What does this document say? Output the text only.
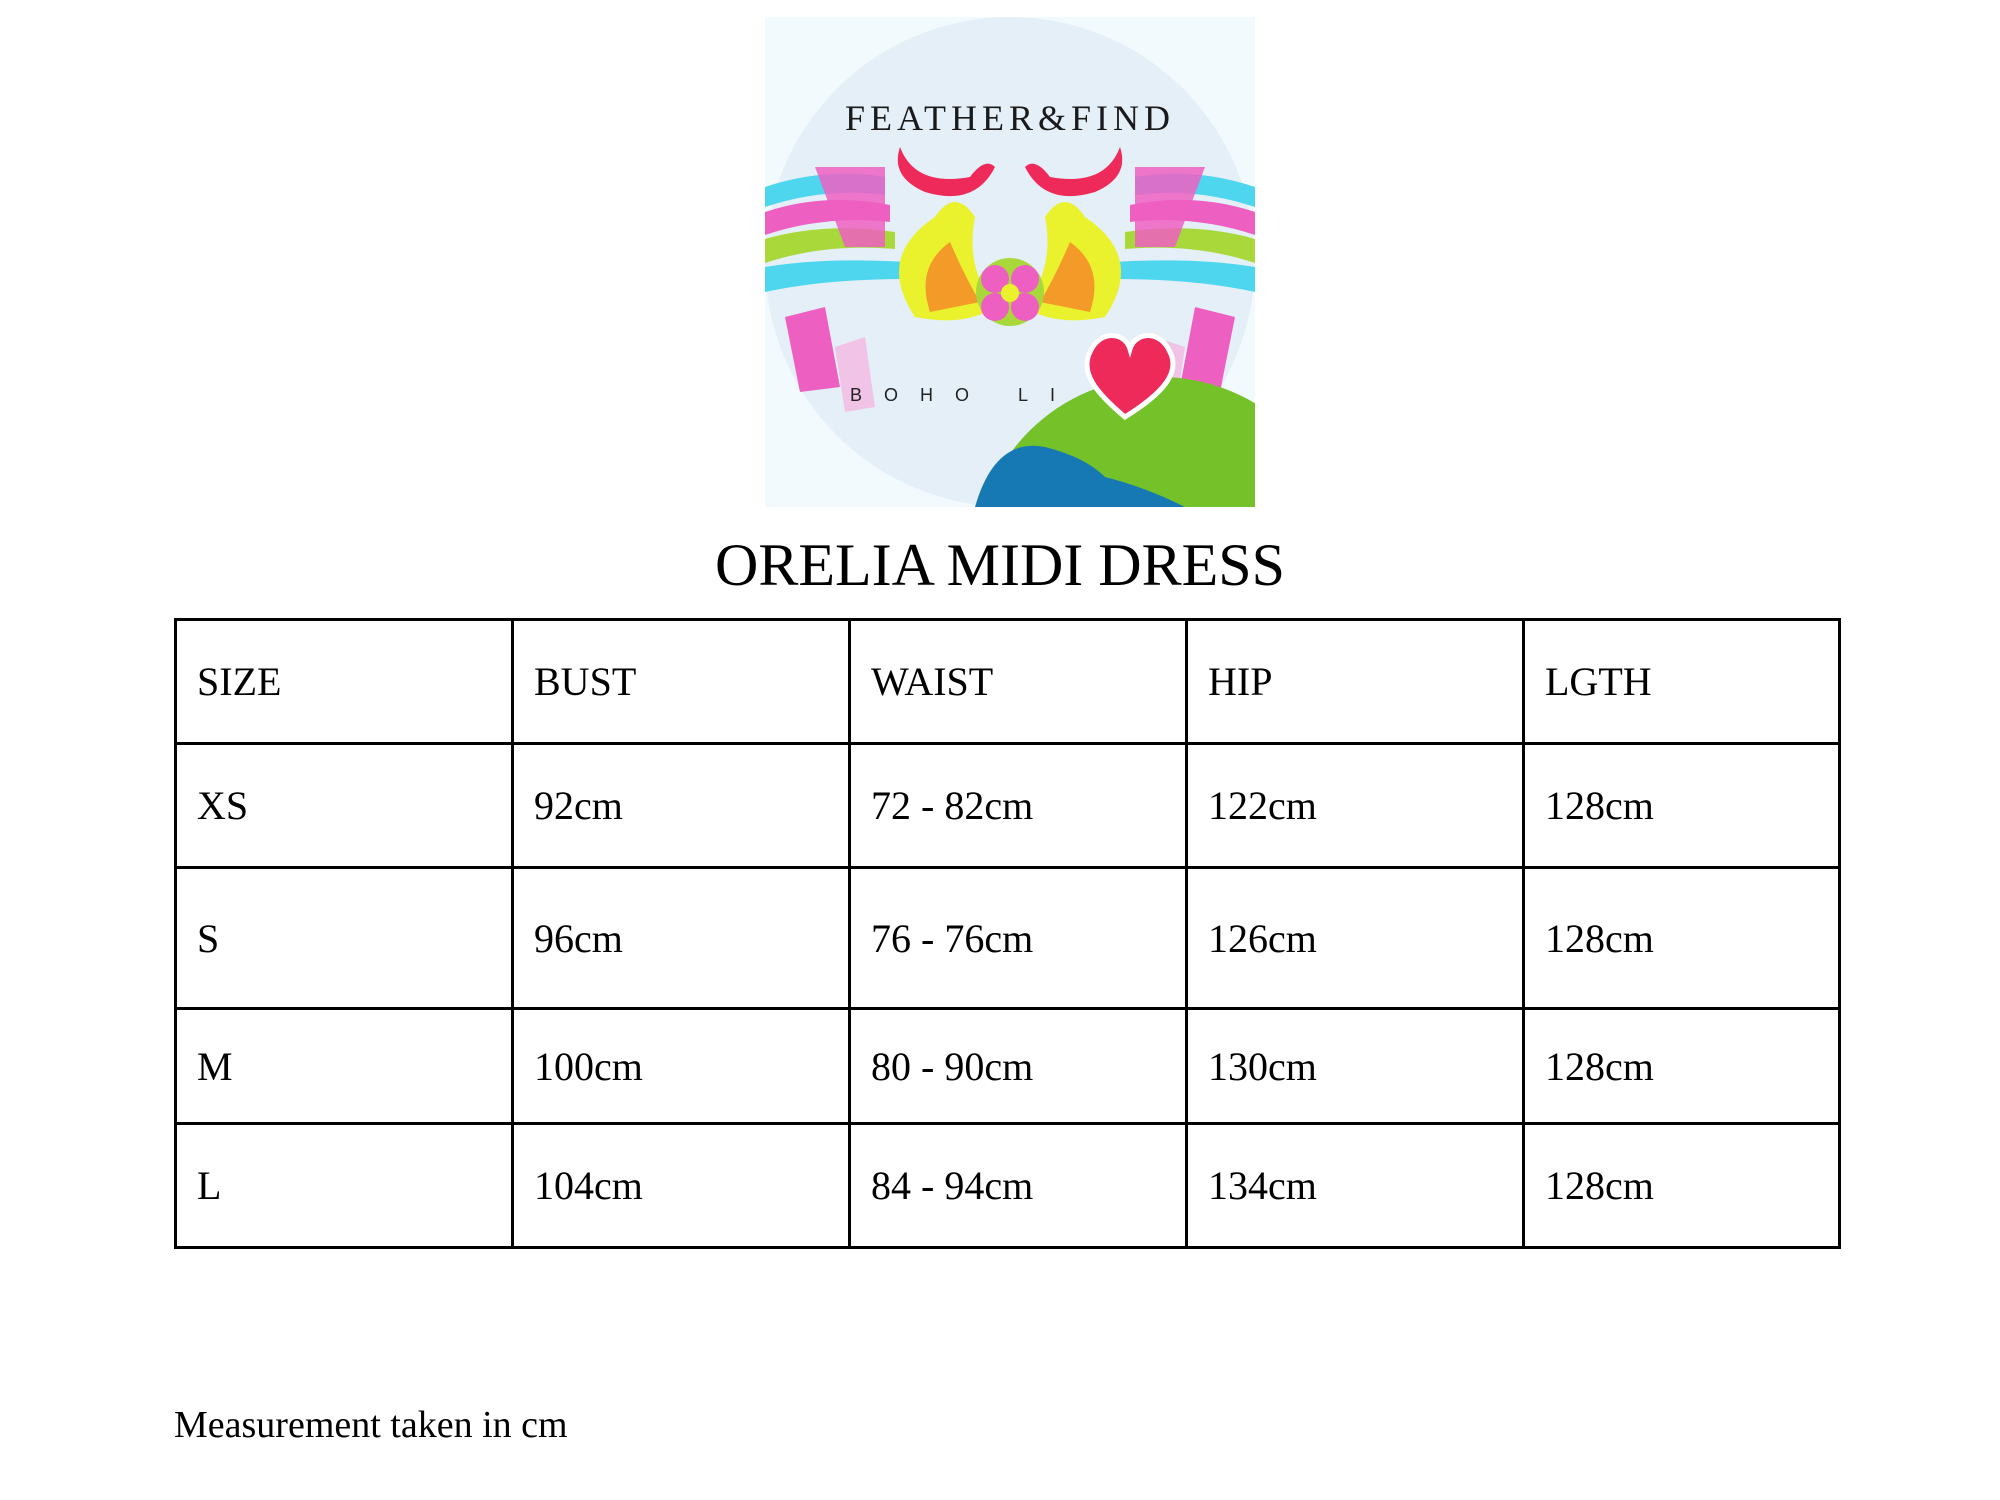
FEATHER&FIND
BOHO LI
ORELIA MIDI DRESS
SIZE	BUST	WAIST	HIP	LGTH
XS	92cm	72 - 82cm	122cm	128cm
S	96cm	76 - 76cm	126cm	128cm
M	100cm	80 - 90cm	130cm	128cm
L	104cm	84 - 94cm	134cm	128cm
Measurement taken in cm
